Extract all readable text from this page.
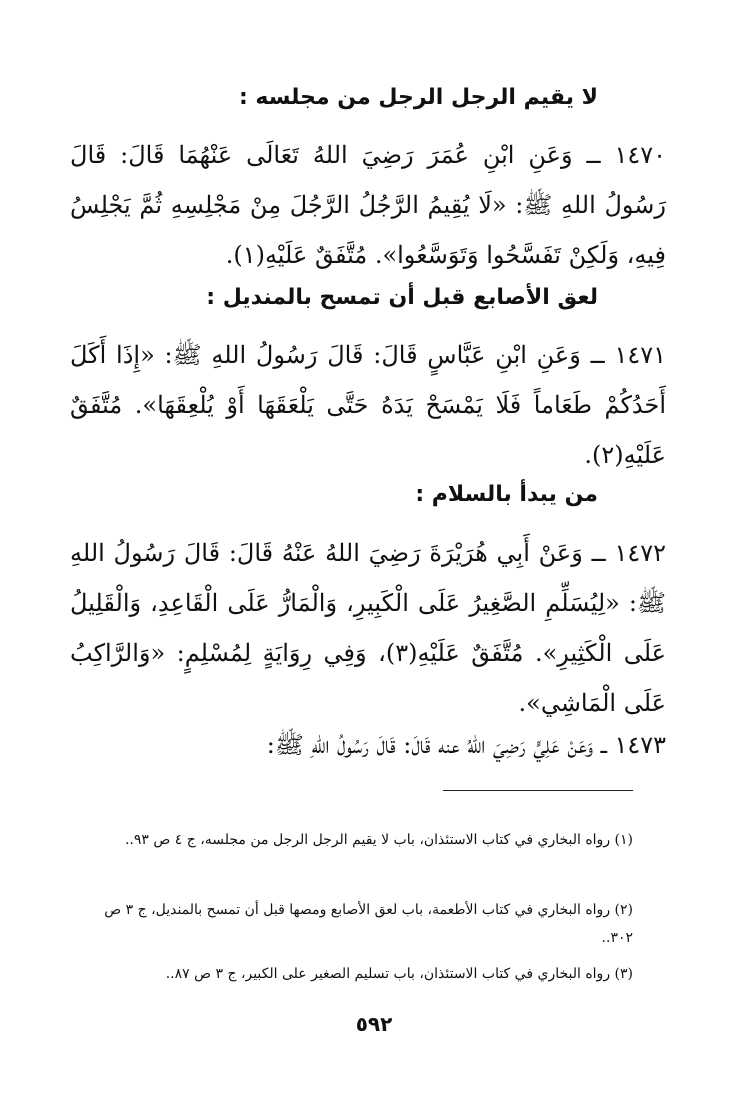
لا يقيم الرجل الرجل من مجلسه :
١٤٧٠ ــ وَعَنِ ابْنِ عُمَرَ رَضِيَ اللهُ تَعَالَى عَنْهُمَا قَالَ: قَالَ رَسُولُ اللهِ ﷺ: «لَا يُقِيمُ الرَّجُلُ الرَّجُلَ مِنْ مَجْلِسِهِ ثُمَّ يَجْلِسُ فِيهِ، وَلَكِنْ تَفَسَّحُوا وَتَوَسَّعُوا». مُتَّفَقٌ عَلَيْهِ(١).
لعق الأصابع قبل أن تمسح بالمنديل :
١٤٧١ ــ وَعَنِ ابْنِ عَبَّاسٍ قَالَ: قَالَ رَسُولُ اللهِ ﷺ: «إِذَا أَكَلَ أَحَدُكُمْ طَعَاماً فَلَا يَمْسَحْ يَدَهُ حَتَّى يَلْعَقَهَا أَوْ يُلْعِقَهَا». مُتَّفَقٌ عَلَيْهِ(٢).
من يبدأ بالسلام :
١٤٧٢ ــ وَعَنْ أَبِي هُرَيْرَةَ رَضِيَ اللهُ عَنْهُ قَالَ: قَالَ رَسُولُ اللهِ ﷺ: «لِيُسَلِّمِ الصَّغِيرُ عَلَى الْكَبِيرِ، وَالْمَارُّ عَلَى الْقَاعِدِ، وَالْقَلِيلُ عَلَى الْكَثِيرِ». مُتَّفَقٌ عَلَيْهِ(٣)، وَفِي رِوَايَةٍ لِمُسْلِمٍ: «وَالرَّاكِبُ عَلَى الْمَاشِي».
١٤٧٣ ــ وَعَنْ عَلِيٍّ رَضِيَ اللهُ عنه قَالَ: قَالَ رَسُولُ اللهِ ﷺ:
(١) رواه البخاري في كتاب الاستئذان، باب لا يقيم الرجل الرجل من مجلسه، ج ٤ ص ٩٣..
(٢) رواه البخاري في كتاب الأطعمة، باب لعق الأصابع ومصها قبل أن تمسح بالمنديل، ج ٣ ص ٣٠٢..
(٣) رواه البخاري في كتاب الاستئذان، باب تسليم الصغير على الكبير، ج ٣ ص ٨٧..
٥٩٢
